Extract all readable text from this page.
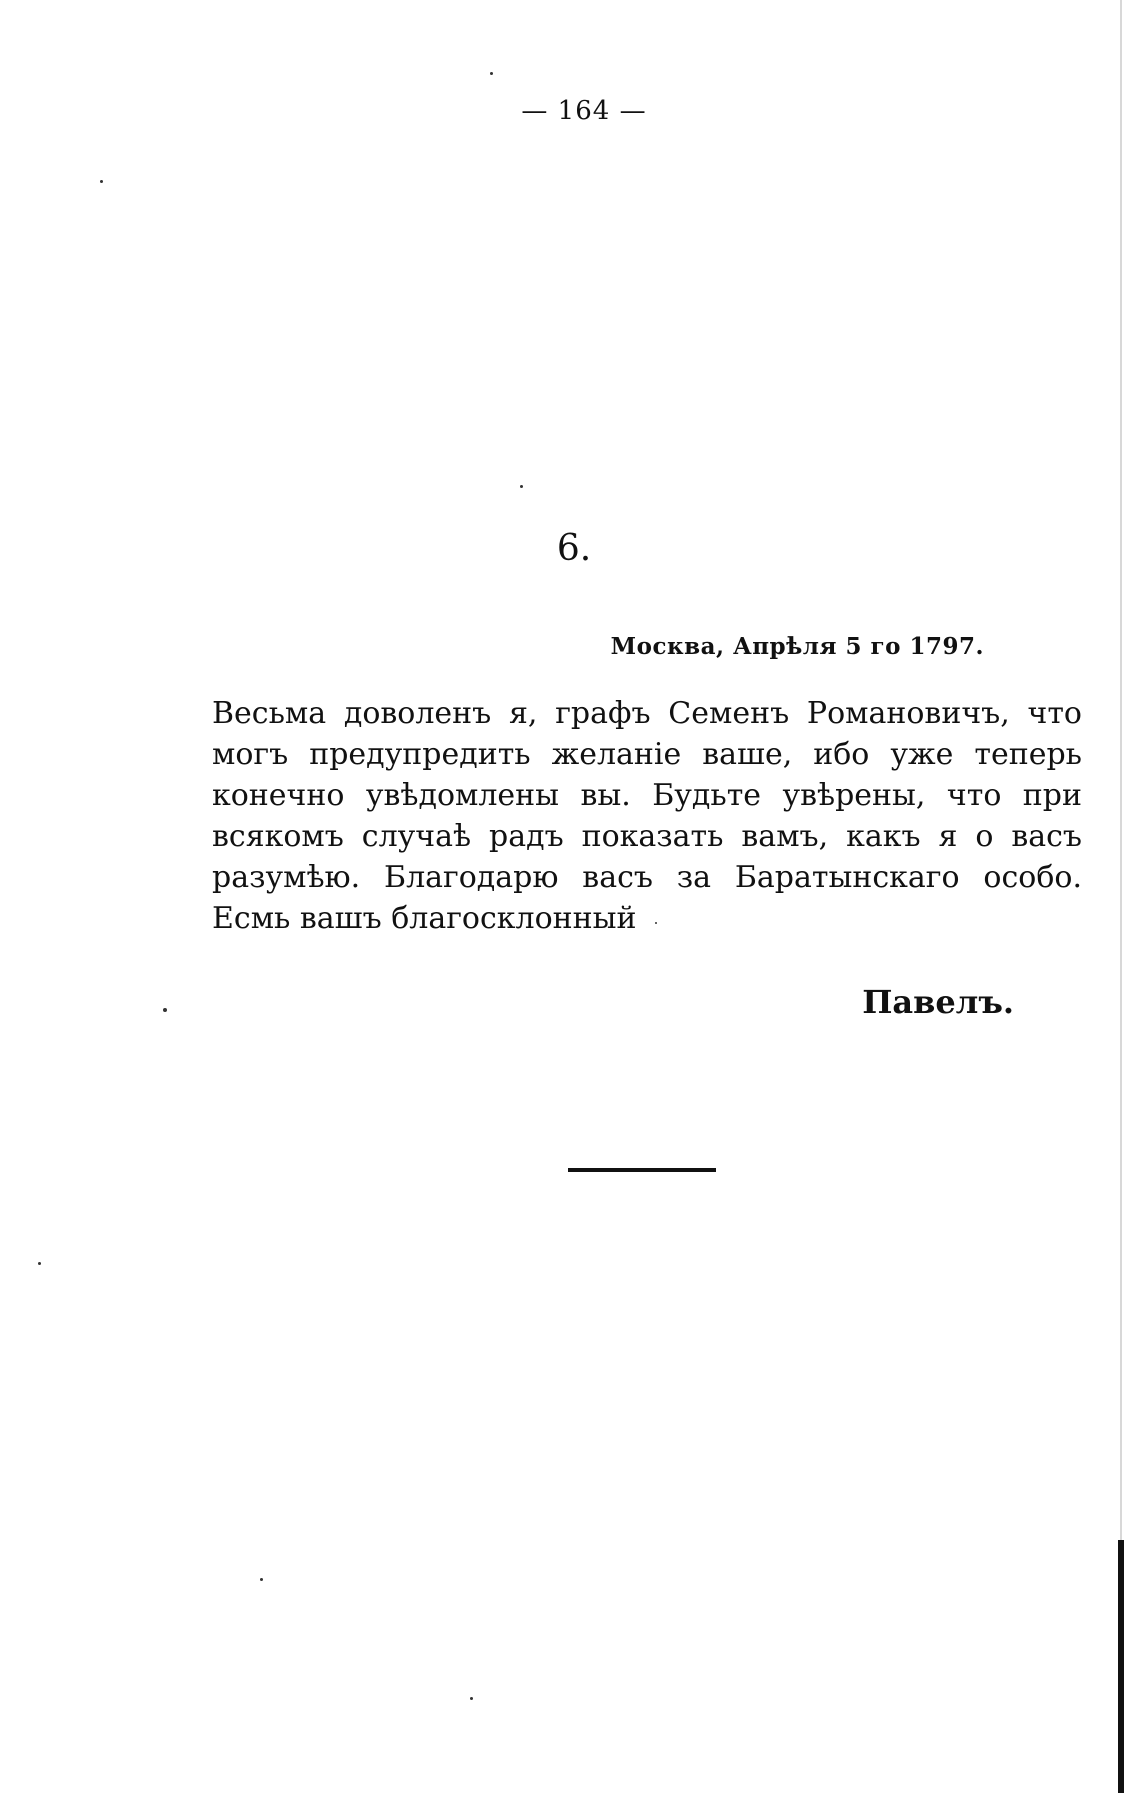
— 164 —
6.
Москва, Апрѣля 5 го 1797.
Весьма доволенъ я, графъ Семенъ Романовичъ, что
могъ предупредить желаніе ваше, ибо уже теперь
конечно увѣдомлены вы. Будьте увѣрены, что при
всякомъ случаѣ радъ показать вамъ, какъ я о васъ
разумѣю. Благодарю васъ за Баратынскаго особо.
Есмь вашъ благосклонный
Павелъ.
